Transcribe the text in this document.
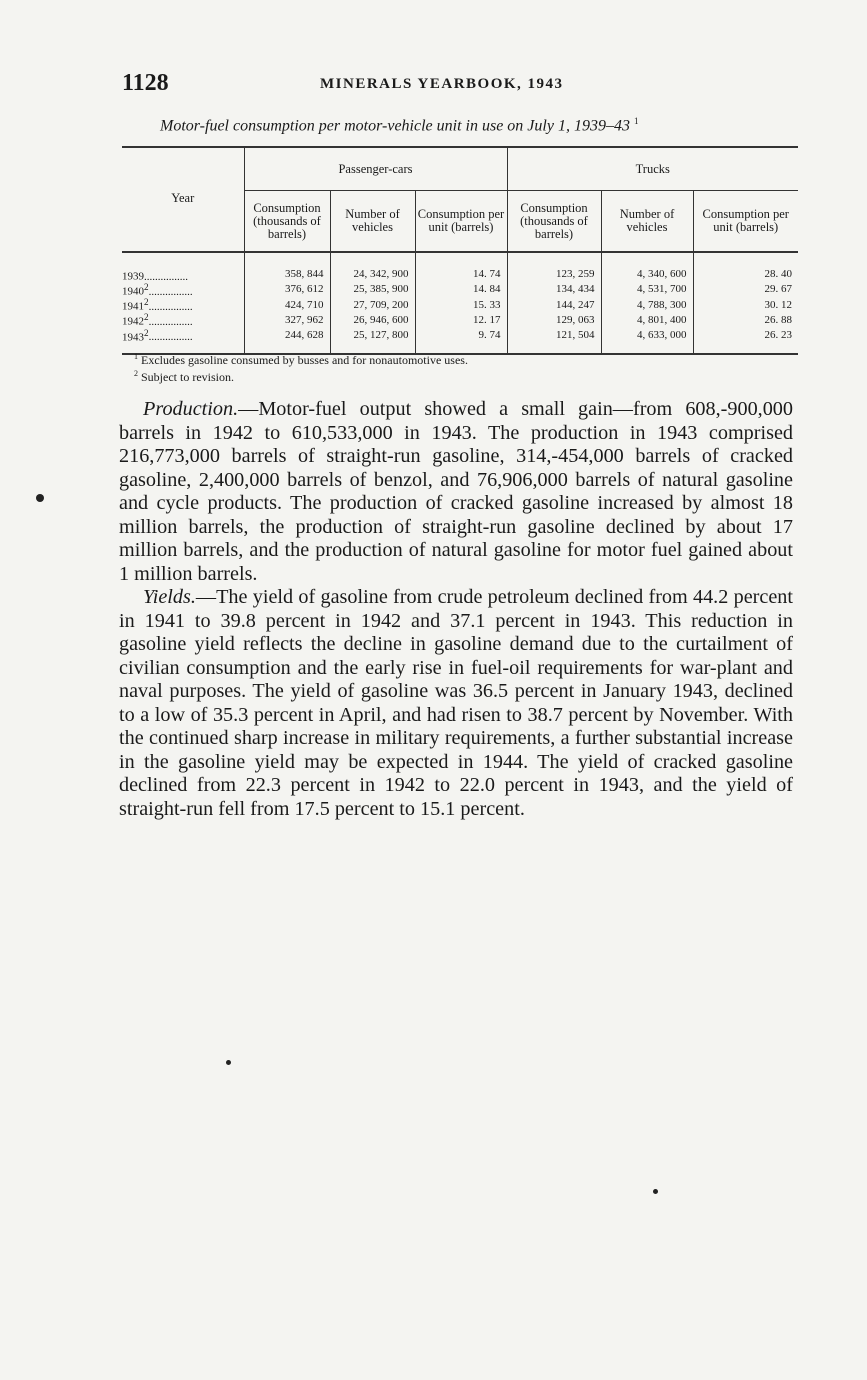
1128	MINERALS YEARBOOK, 1943
Motor-fuel consumption per motor-vehicle unit in use on July 1, 1939–43 $^1$
Year	Passenger-cars			Trucks		
	Consumption (thousands of barrels)	Number of vehicles	Consumption per unit (barrels)	Consumption (thousands of barrels)	Number of vehicles	Consumption per unit (barrels)
1939................	358, 844	24, 342, 900	14. 74	123, 259	4, 340, 600	28. 40
1940$^2$................	376, 612	25, 385, 900	14. 84	134, 434	4, 531, 700	29. 67
1941$^2$................	424, 710	27, 709, 200	15. 33	144, 247	4, 788, 300	30. 12
1942$^2$................	327, 962	26, 946, 600	12. 17	129, 063	4, 801, 400	26. 88
1943$^2$................	244, 628	25, 127, 800	9. 74	121, 504	4, 633, 000	26. 23
$^1$ Excludes gasoline consumed by busses and for nonautomotive uses.
$^2$ Subject to revision.

Production.—Motor-fuel output showed a small gain—from 608,-900,000 barrels in 1942 to 610,533,000 in 1943. The production in 1943 comprised 216,773,000 barrels of straight-run gasoline, 314,-454,000 barrels of cracked gasoline, 2,400,000 barrels of benzol, and 76,906,000 barrels of natural gasoline and cycle products. The production of cracked gasoline increased by almost 18 million barrels, the production of straight-run gasoline declined by about 17 million barrels, and the production of natural gasoline for motor fuel gained about 1 million barrels.

Yields.—The yield of gasoline from crude petroleum declined from 44.2 percent in 1941 to 39.8 percent in 1942 and 37.1 percent in 1943. This reduction in gasoline yield reflects the decline in gasoline demand due to the curtailment of civilian consumption and the early rise in fuel-oil requirements for war-plant and naval purposes. The yield of gasoline was 36.5 percent in January 1943, declined to a low of 35.3 percent in April, and had risen to 38.7 percent by November. With the continued sharp increase in military requirements, a further substantial increase in the gasoline yield may be expected in 1944. The yield of cracked gasoline declined from 22.3 percent in 1942 to 22.0 percent in 1943, and the yield of straight-run fell from 17.5 percent to 15.1 percent.
